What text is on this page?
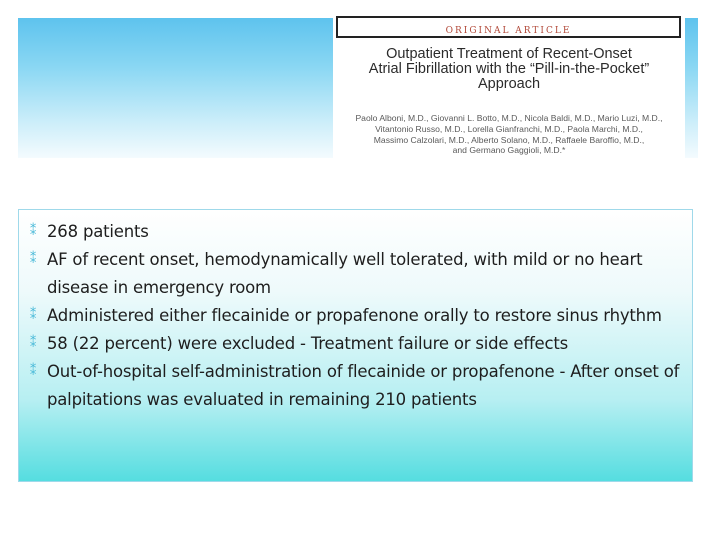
ORIGINAL ARTICLE
Outpatient Treatment of Recent-Onset
Atrial Fibrillation with the “Pill-in-the-Pocket”
Approach
Paolo Alboni, M.D., Giovanni L. Botto, M.D., Nicola Baldi, M.D., Mario Luzi, M.D.,
Vitantonio Russo, M.D., Lorella Gianfranchi, M.D., Paola Marchi, M.D.,
Massimo Calzolari, M.D., Alberto Solano, M.D., Raffaele Baroffio, M.D.,
and Germano Gaggioli, M.D.*
⁑ 268 patients
⁑ AF of recent onset, hemodynamically well tolerated, with mild or no heart disease in emergency room
⁑ Administered either flecainide or propafenone orally to restore sinus rhythm
⁑ 58 (22 percent) were excluded - Treatment failure or side effects
⁑ Out-of-hospital self-administration of flecainide or propafenone - After onset of palpitations was evaluated in remaining 210 patients
